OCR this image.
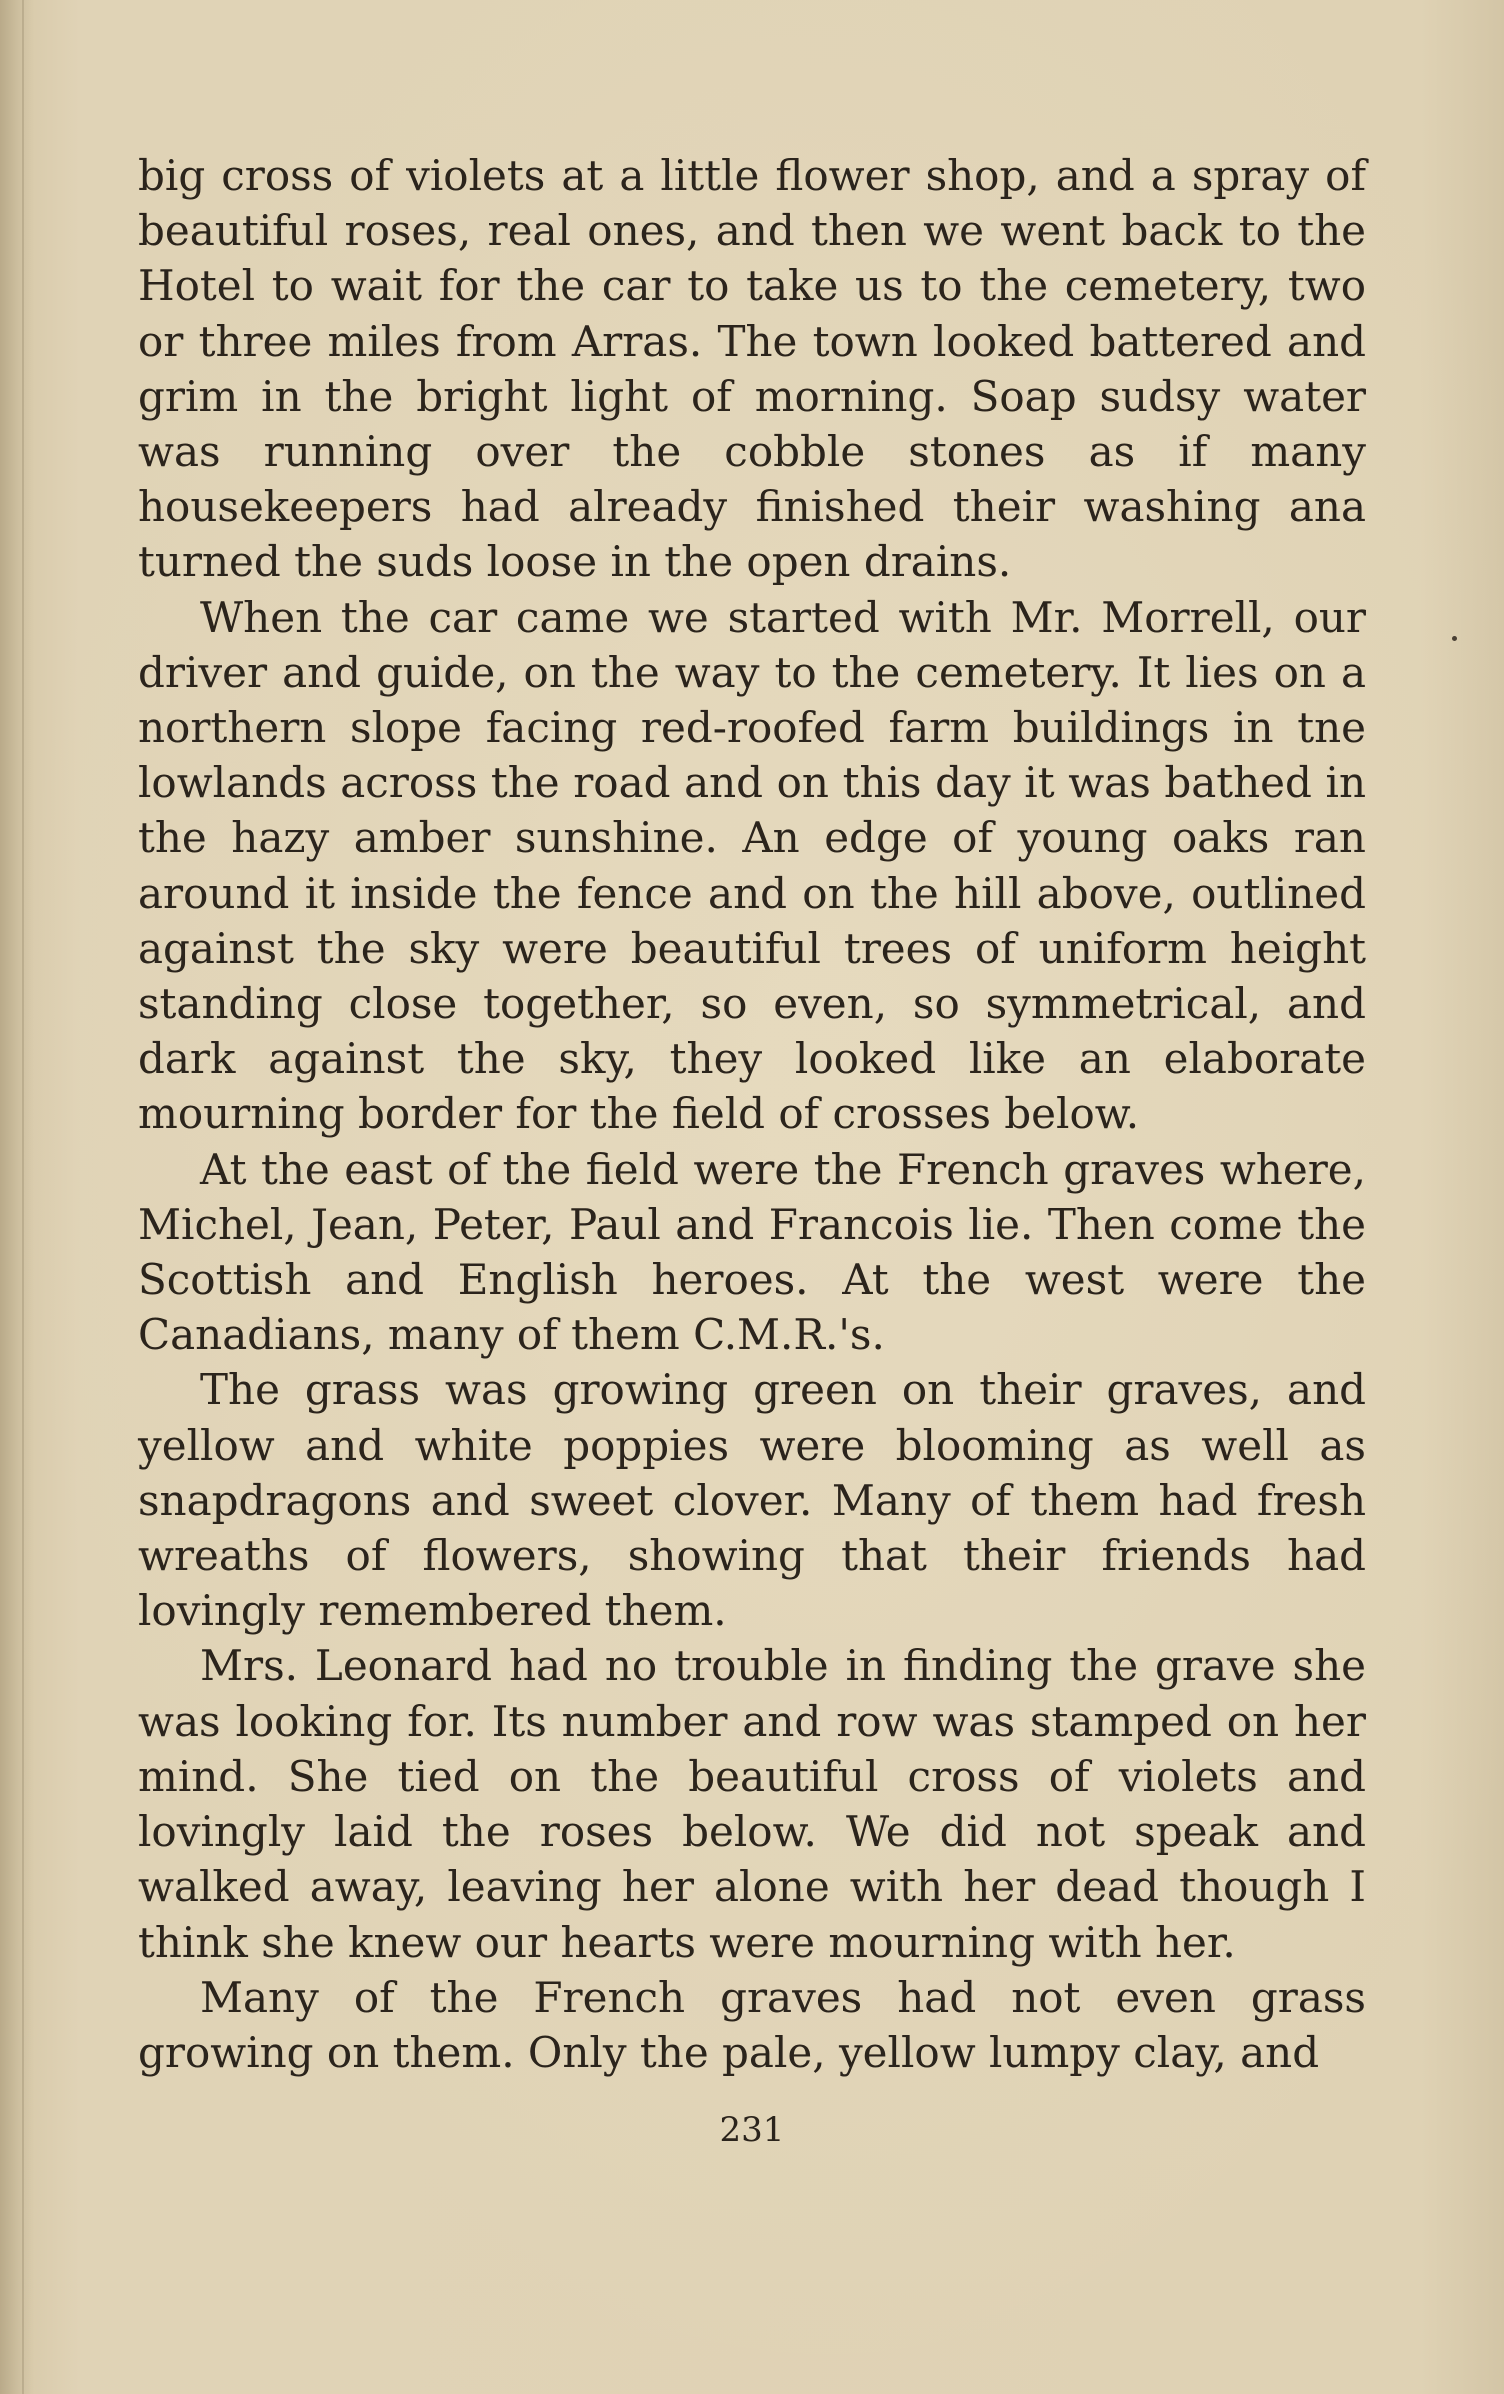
big cross of violets at a little flower shop, and a spray of beautiful roses, real ones, and then we went back to the Hotel to wait for the car to take us to the cemetery, two or three miles from Arras. The town looked battered and grim in the bright light of morning. Soap sudsy water was running over the cobble stones as if many housekeepers had already finished their washing ana turned the suds loose in the open drains.

When the car came we started with Mr. Morrell, our driver and guide, on the way to the cemetery. It lies on a northern slope facing red-roofed farm buildings in tne lowlands across the road and on this day it was bathed in the hazy amber sunshine. An edge of young oaks ran around it inside the fence and on the hill above, outlined against the sky were beautiful trees of uniform height standing close together, so even, so symmetrical, and dark against the sky, they looked like an elaborate mourning border for the field of crosses below.

At the east of the field were the French graves where, Michel, Jean, Peter, Paul and Francois lie. Then come the Scottish and English heroes. At the west were the Canadians, many of them C.M.R.'s.

The grass was growing green on their graves, and yellow and white poppies were blooming as well as snapdragons and sweet clover. Many of them had fresh wreaths of flowers, showing that their friends had lovingly remembered them.

Mrs. Leonard had no trouble in finding the grave she was looking for. Its number and row was stamped on her mind. She tied on the beautiful cross of violets and lovingly laid the roses below. We did not speak and walked away, leaving her alone with her dead though I think she knew our hearts were mourning with her.

Many of the French graves had not even grass growing on them. Only the pale, yellow lumpy clay, and

231
